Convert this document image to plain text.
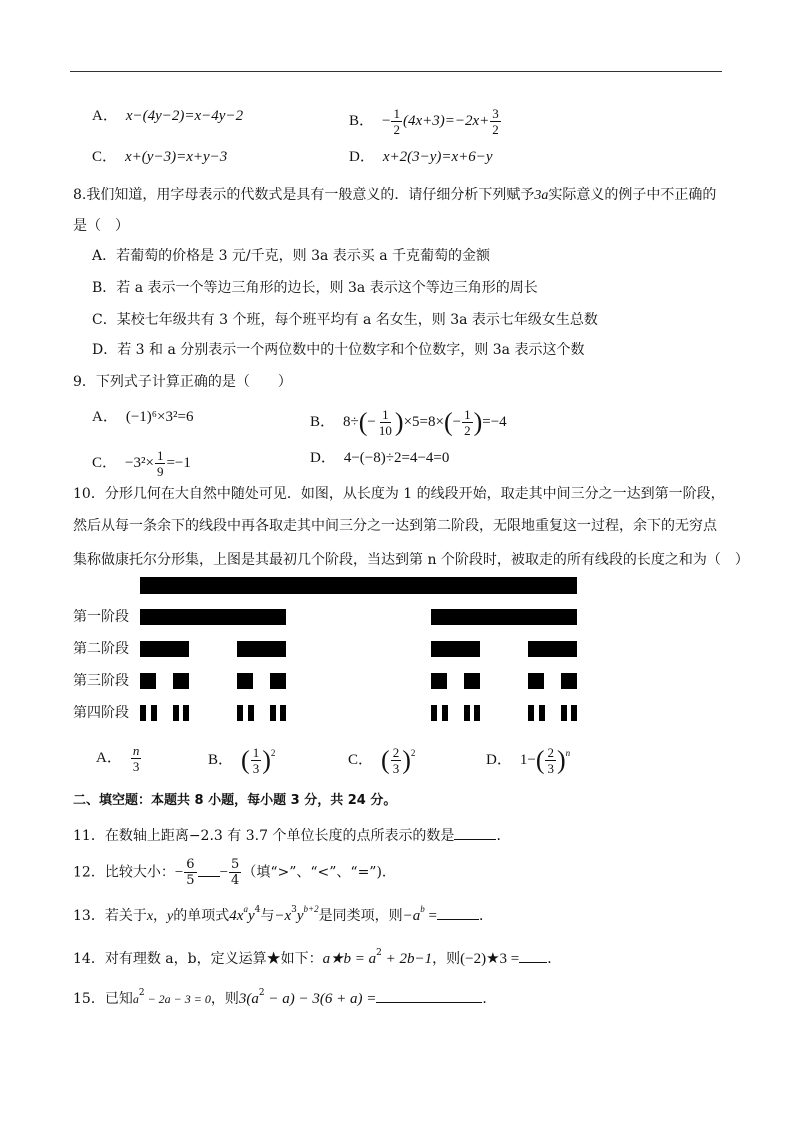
A． x−(4y−2)=x−4y−2	B． − $\frac{1}{2} (4x+3)=-2x+ \frac{3}{2}$
C． x+(y−3)=x+y−3	D． x+2(3−y)=x+6−y
8.我们知道，用字母表示的代数式是具有一般意义的．请仔细分析下列赋予3a实际意义的例子中不正确的
是（　）
A．若葡萄的价格是 3 元/千克，则 3a 表示买 a 千克葡萄的金额
B．若 a 表示一个等边三角形的边长，则 3a 表示这个等边三角形的周长
C．某校七年级共有 3 个班，每个班平均有 a 名女生，则 3a 表示七年级女生总数
D．若 3 和 a 分别表示一个两位数中的十位数字和个位数字，则 3a 表示这个数
9．下列式子计算正确的是（　　）
A． (−1)⁶×3²=6	B． $8\div(- \frac{1}{10} )\times 5=8\times(- \frac{1}{2} )=-4$
C． $-3^2\times \frac{1}{9} =-1$	D． 4−(−8)÷2=4−4=0
10．分形几何在大自然中随处可见．如图，从长度为 1 的线段开始，取走其中间三分之一达到第一阶段，
然后从每一条余下的线段中再各取走其中间三分之一达到第二阶段，无限地重复这一过程，余下的无穷点
集称做康托尔分形集，上图是其最初几个阶段，当达到第 n 个阶段时，被取走的所有线段的长度之和为（　）
第一阶段
第二阶段
第三阶段
第四阶段
A． $\frac{n}{3}$	B． ( $\frac{1}{3} )^2$	C． ( $\frac{2}{3} )^2$	D． $1-( \frac{2}{3} )^n$
二、填空题：本题共 8 小题，每小题 3 分，共 24 分。
11．在数轴上距离−2.3 有 3.7 个单位长度的点所表示的数是	．
12．比较大小：− $\frac{6}{5} - \frac{5}{4}$ （填“>”、“<”、“=”)．
13．若关于x，y的单项式$4x^ay^4$与$-x^3y^{b+2}$是同类项，则$-a^b$ =	．
14．对有理数 a，b，定义运算★如下：a★b = $a^2 + 2b-1$，则(−2)★3 = ．
15．已知$a^2 - 2a - 3 = 0$，则$3(a^2 - a) - 3(6 + a)$ =	．
